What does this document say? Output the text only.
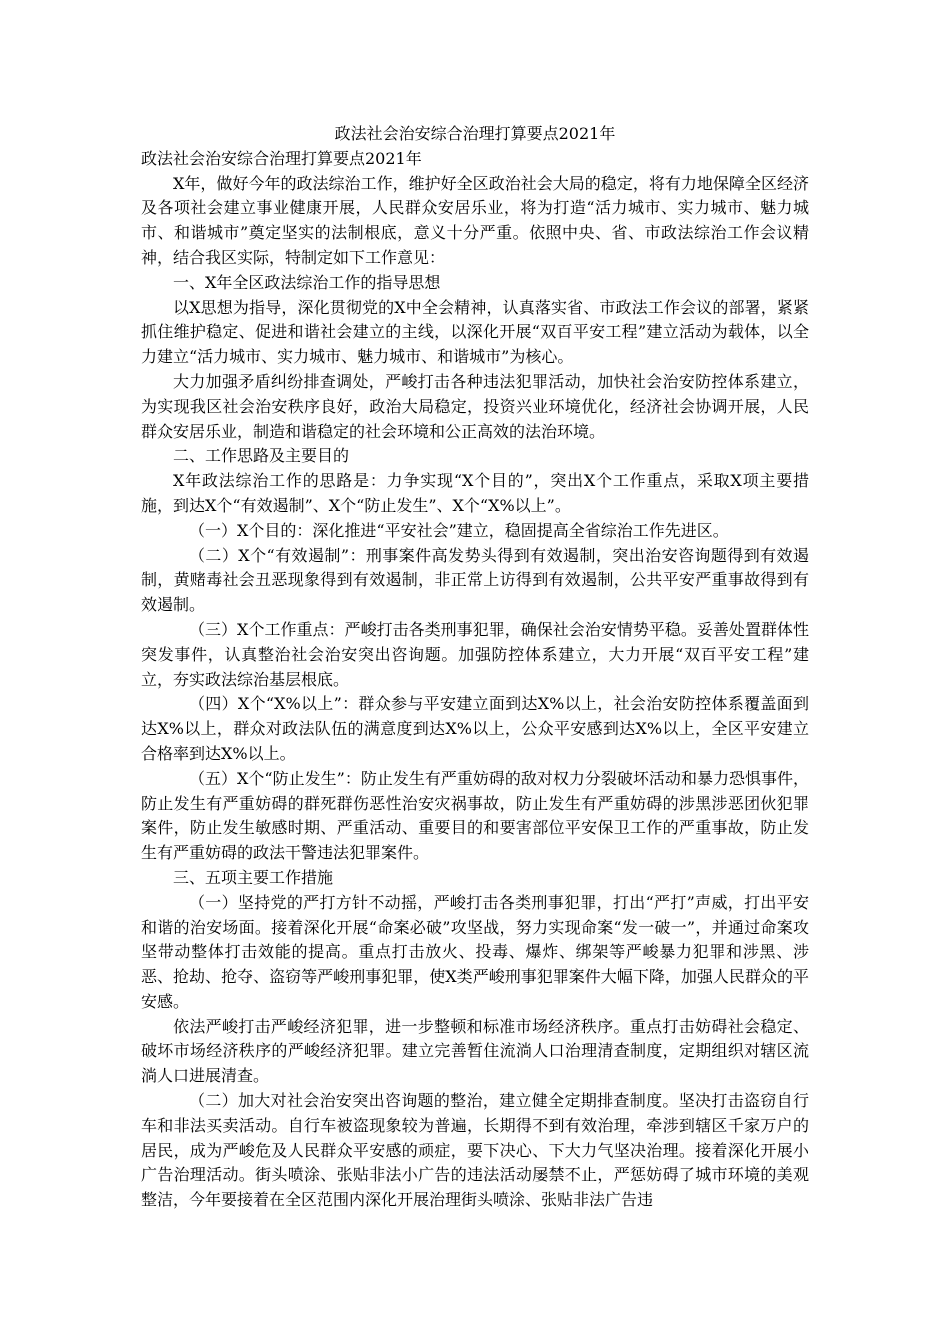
政法社会治安综合治理打算要点2021年

政法社会治安综合治理打算要点2021年

X年，做好今年的政法综治工作，维护好全区政治社会大局的稳定，将有力地保障全区经济及各项社会建立事业健康开展，人民群众安居乐业，将为打造“活力城市、实力城市、魅力城市、和谐城市”奠定坚实的法制根底，意义十分严重。依照中央、省、市政法综治工作会议精神，结合我区实际，特制定如下工作意见：

一、X年全区政法综治工作的指导思想

以X思想为指导，深化贯彻党的X中全会精神，认真落实省、市政法工作会议的部署，紧紧抓住维护稳定、促进和谐社会建立的主线，以深化开展“双百平安工程”建立活动为载体，以全力建立“活力城市、实力城市、魅力城市、和谐城市”为核心。

大力加强矛盾纠纷排查调处，严峻打击各种违法犯罪活动，加快社会治安防控体系建立，为实现我区社会治安秩序良好，政治大局稳定，投资兴业环境优化，经济社会协调开展，人民群众安居乐业，制造和谐稳定的社会环境和公正高效的法治环境。

二、工作思路及主要目的

X年政法综治工作的思路是：力争实现“X个目的”，突出X个工作重点，采取X项主要措施，到达X个“有效遏制”、X个“防止发生”、X个“X%以上”。

（一）X个目的：深化推进“平安社会”建立，稳固提高全省综治工作先进区。

（二）X个“有效遏制”：刑事案件高发势头得到有效遏制，突出治安咨询题得到有效遏制，黄赌毒社会丑恶现象得到有效遏制，非正常上访得到有效遏制，公共平安严重事故得到有效遏制。

（三）X个工作重点：严峻打击各类刑事犯罪，确保社会治安情势平稳。妥善处置群体性突发事件，认真整治社会治安突出咨询题。加强防控体系建立，大力开展“双百平安工程”建立，夯实政法综治基层根底。

（四）X个“X%以上”：群众参与平安建立面到达X%以上，社会治安防控体系覆盖面到达X%以上，群众对政法队伍的满意度到达X%以上，公众平安感到达X%以上，全区平安建立合格率到达X%以上。

（五）X个“防止发生”：防止发生有严重妨碍的敌对权力分裂破坏活动和暴力恐惧事件，防止发生有严重妨碍的群死群伤恶性治安灾祸事故，防止发生有严重妨碍的涉黑涉恶团伙犯罪案件，防止发生敏感时期、严重活动、重要目的和要害部位平安保卫工作的严重事故，防止发生有严重妨碍的政法干警违法犯罪案件。

三、五项主要工作措施

（一）坚持党的严打方针不动摇，严峻打击各类刑事犯罪，打出“严打”声威，打出平安和谐的治安场面。接着深化开展“命案必破”攻坚战，努力实现命案“发一破一”，并通过命案攻坚带动整体打击效能的提高。重点打击放火、投毒、爆炸、绑架等严峻暴力犯罪和涉黑、涉恶、抢劫、抢夺、盗窃等严峻刑事犯罪，使X类严峻刑事犯罪案件大幅下降，加强人民群众的平安感。

依法严峻打击严峻经济犯罪，进一步整顿和标准市场经济秩序。重点打击妨碍社会稳定、破坏市场经济秩序的严峻经济犯罪。建立完善暂住流淌人口治理清查制度，定期组织对辖区流淌人口进展清查。

（二）加大对社会治安突出咨询题的整治，建立健全定期排查制度。坚决打击盗窃自行车和非法买卖活动。自行车被盗现象较为普遍，长期得不到有效治理，牵涉到辖区千家万户的居民，成为严峻危及人民群众平安感的顽症，要下决心、下大力气坚决治理。接着深化开展小广告治理活动。街头喷涂、张贴非法小广告的违法活动屡禁不止，严惩妨碍了城市环境的美观整洁，今年要接着在全区范围内深化开展治理街头喷涂、张贴非法广告违
